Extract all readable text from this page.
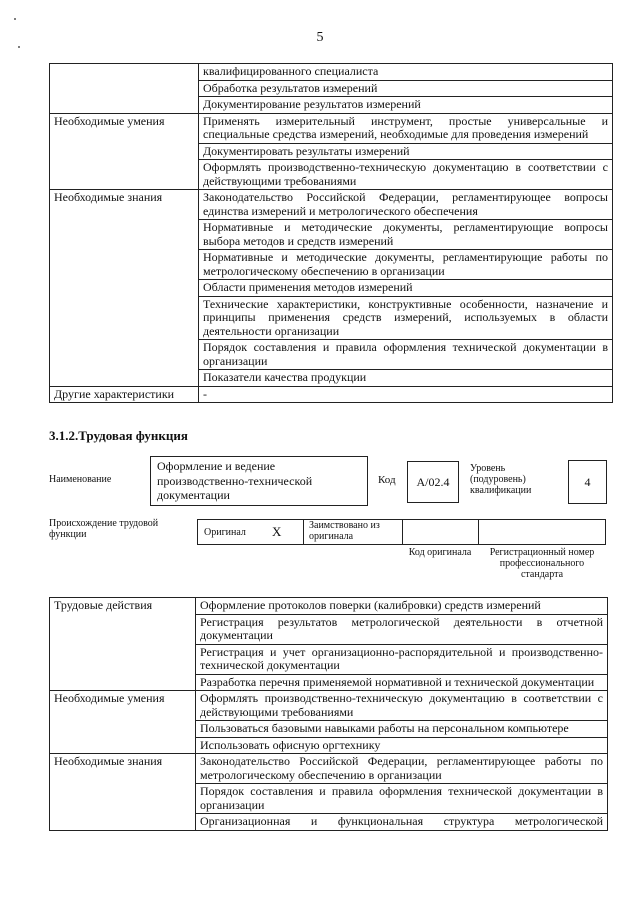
5
	квалифицированного специалиста
	Обработка результатов измерений
	Документирование результатов измерений
Необходимые умения	Применять измерительный инструмент, простые универсальные и специальные средства измерений, необходимые для проведения измерений
	Документировать результаты измерений
	Оформлять производственно-техническую документацию в соответствии с действующими требованиями
Необходимые знания	Законодательство Российской Федерации, регламентирующее вопросы единства измерений и метрологического обеспечения
	Нормативные и методические документы, регламентирующие вопросы выбора методов и средств измерений
	Нормативные и методические документы, регламентирующие работы по метрологическому обеспечению в организации
	Области применения методов измерений
	Технические характеристики, конструктивные особенности, назначение и принципы применения средств измерений, используемых в области деятельности организации
	Порядок составления и правила оформления технической документации в организации
	Показатели качества продукции
Другие характеристики	-
3.1.2.Трудовая функция
Наименование
Оформление и ведение производственно-технической документации
Код	А/02.4
Уровень (подуровень) квалификации
4
Происхождение трудовой функции	Оригинал X	Заимствовано из оригинала
Код оригинала	Регистрационный номер профессионального стандарта
Трудовые действия	Оформление протоколов поверки (калибровки) средств измерений
	Регистрация результатов метрологической деятельности в отчетной документации
	Регистрация и учет организационно-распорядительной и производственно-технической документации
	Разработка перечня применяемой нормативной и технической документации
Необходимые умения	Оформлять производственно-техническую документацию в соответствии с действующими требованиями
	Пользоваться базовыми навыками работы на персональном компьютере
	Использовать офисную оргтехнику
Необходимые знания	Законодательство Российской Федерации, регламентирующее работы по метрологическому обеспечению в организации
	Порядок составления и правила оформления технической документации в организации
	Организационная и функциональная структура метрологической
